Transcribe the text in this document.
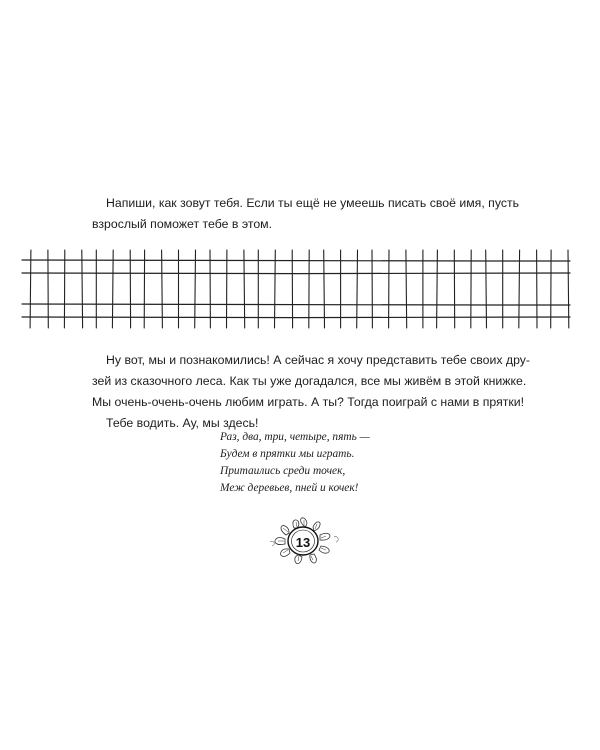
Напиши, как зовут тебя. Если ты ещё не умеешь писать своё имя, пусть
взрослый поможет тебе в этом.
Ну вот, мы и познакомились! А сейчас я хочу представить тебе своих дру-
зей из сказочного леса. Как ты уже догадался, все мы живём в этой книжке.
Мы очень-очень-очень любим играть. А ты? Тогда поиграй с нами в прятки!
Тебе водить. Ау, мы здесь!
Раз, два, три, четыре, пять —
Будем в прятки мы играть.
Притаились среди точек,
Меж деревьев, пней и кочек!
13
